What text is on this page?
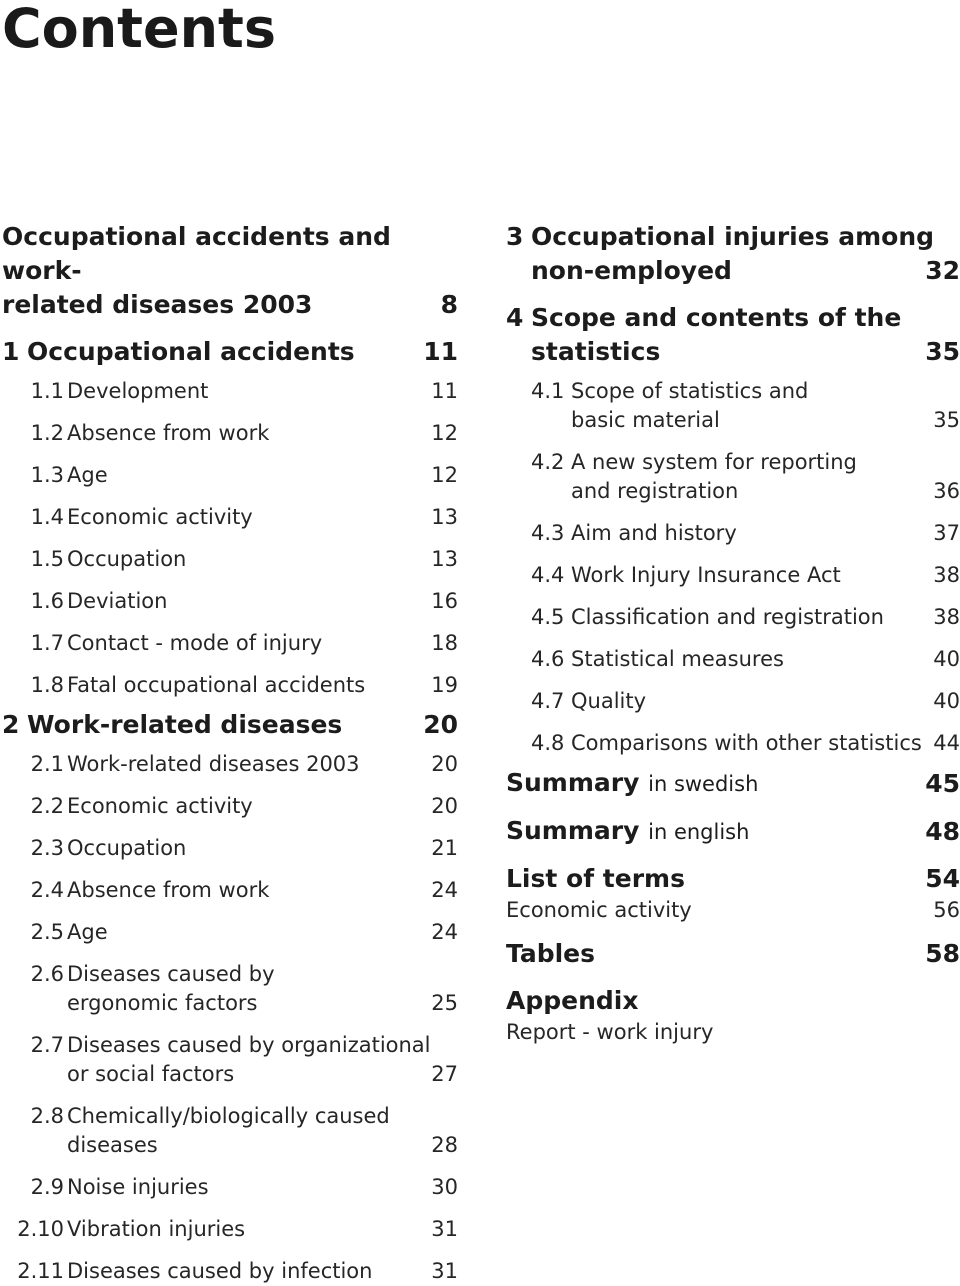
Contents
Occupational accidents and work-
related diseases 2003	8
1 Occupational accidents	11
1.1 Development	11
1.2 Absence from work	12
1.3 Age	12
1.4 Economic activity	13
1.5 Occupation	13
1.6 Deviation	16
1.7 Contact - mode of injury	18
1.8 Fatal occupational accidents	19
2 Work-related diseases	20
2.1 Work-related diseases 2003	20
2.2 Economic activity	20
2.3 Occupation	21
2.4 Absence from work	24
2.5 Age	24
2.6 Diseases caused by
ergonomic factors	25
2.7 Diseases caused by organizational
or social factors	27
2.8 Chemically/biologically caused
diseases	28
2.9 Noise injuries	30
2.10 Vibration injuries	31
2.11 Diseases caused by infection	31
3 Occupational injuries among
non-employed	32
4 Scope and contents of the
statistics	35
4.1 Scope of statistics and
basic material	35
4.2 A new system for reporting
and registration	36
4.3 Aim and history	37
4.4 Work Injury Insurance Act	38
4.5 Classification and registration	38
4.6 Statistical measures	40
4.7 Quality	40
4.8 Comparisons with other statistics 44
Summary in swedish	45
Summary in english	48
List of terms	54
Economic activity	56
Tables	58
Appendix
Report - work injury
